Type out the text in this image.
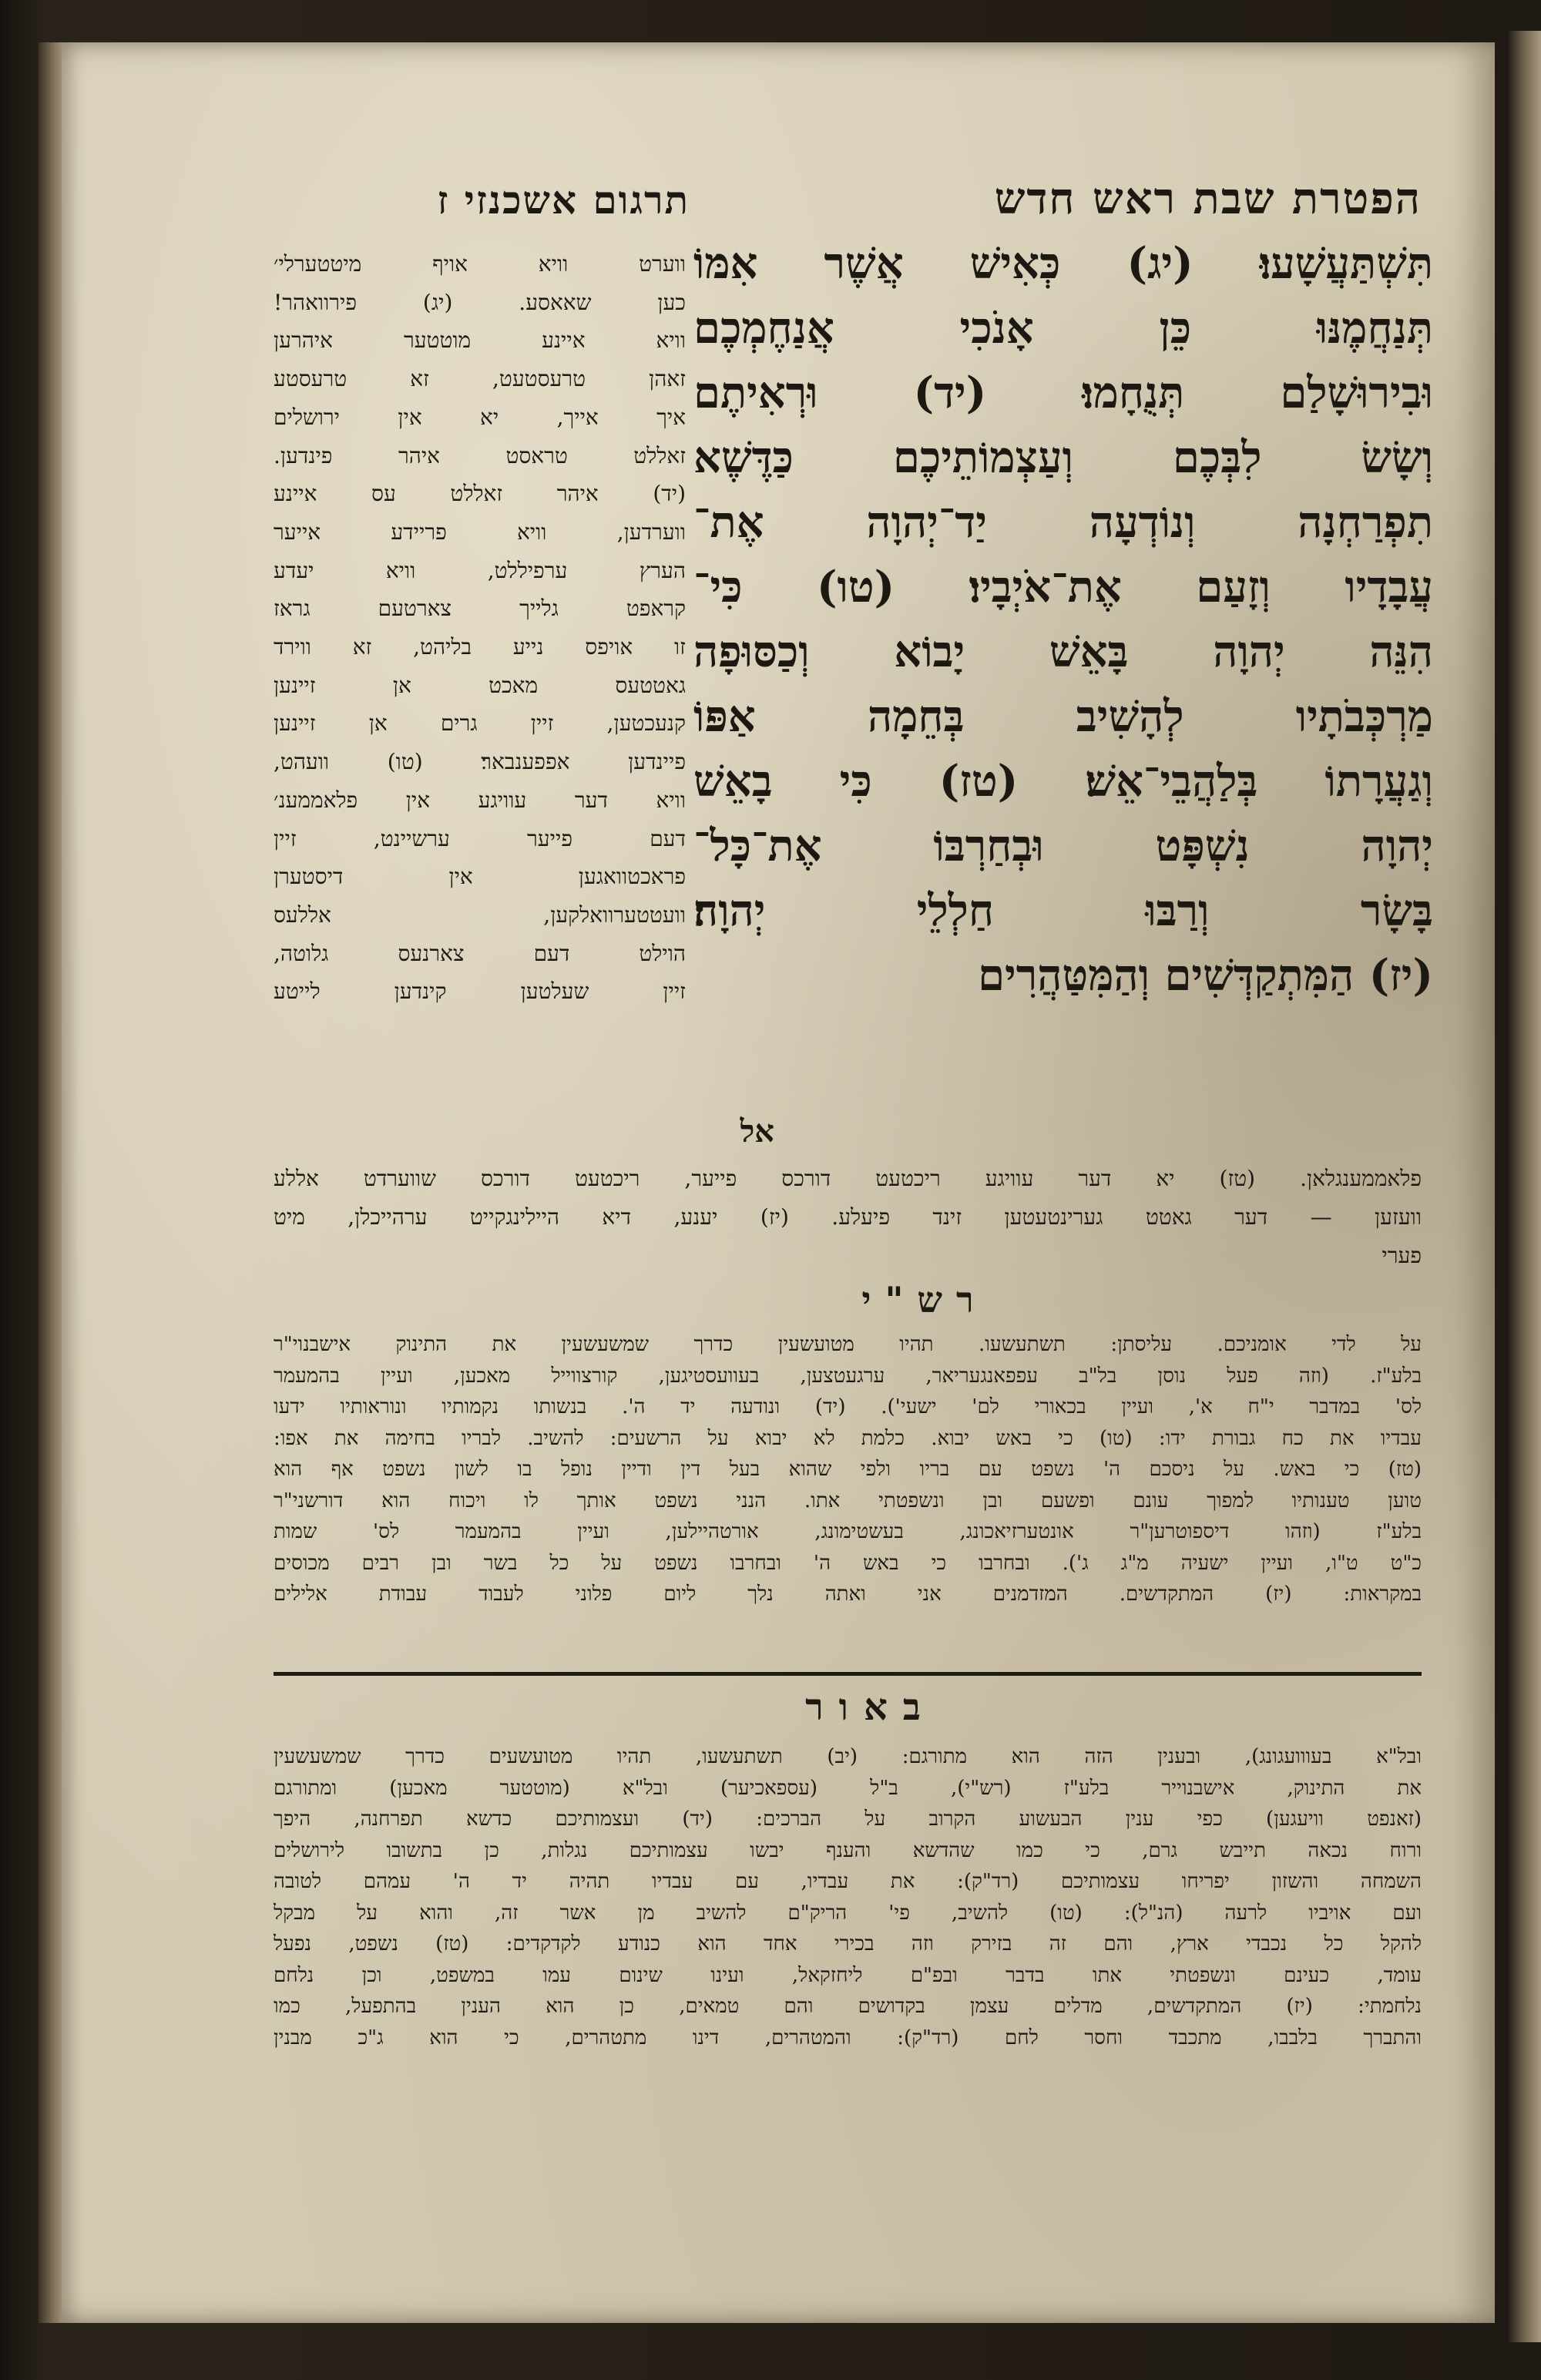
הפטרת שבת ראש חדש
תרגום אשכנזי ז
תִּשְׁתַּעֲשָׁעוּ׃ (יג) כְּאִישׁ אֲשֶׁר אִמּוֹ
תְּנַחֲמֶנּוּ כֵּן אָנֹכִי אֲנַחֶמְכֶם
וּבִירוּשָׁלַם תְּנֻחָמוּ׃ (יד) וּרְאִיתֶם
וְשָׂשׂ לִבְּכֶם וְעַצְמוֹתֵיכֶם כַּדֶּשֶׁא
תִפְרַחְנָה וְנוֹדְעָה יַד־יְהוָה אֶת־
עֲבָדָיו וְזָעַם אֶת־אֹיְבָיו׃ (טו) כִּי־
הִנֵּה יְהוָה בָּאֵשׁ יָבוֹא וְכַסּוּפָה
מַרְכְּבֹתָיו לְהָשִׁיב בְּחֵמָה אַפּוֹ
וְגַעֲרָתוֹ בְּלַהֲבֵי־אֵשׁ׃ (טז) כִּי בָאֵשׁ
יְהוָה נִשְׁפָּט וּבְחַרְבּוֹ אֶת־כָּל־
בָּשָׂר וְרַבּוּ חַלְלֵי יְהוָה׃
(יז) הַמִּתְקַדְּשִׁים וְהַמִּטַּהֲרִים
אל
ווערט וויא אויף מיטטערלי׳
כען שאאסע. (יג) פירוואהר!
וויא איינע מוטטער איהרען
זאהן טרעסטעט, זא טרעסטע
איך אייך, יא אין ירושלים
זאללט טראסט איהר פינדען.
(יד) איהר זאללט עס איינע
ווערדען, וויא פריידע אייער
הערץ ערפיללט, וויא יעדע
קראפט גלייך צארטעם גראז
זו אויפס נייע בליהט, זא ווירד
גאטטעס מאכט אן זיינען
קנעכטען, זיין גרים אן זיינען
פיינדען אפפענבאר׃ (טו) וועהט,
וויא דער עוויגע אין פלאממענ׳
דעם פייער ערשיינט, זיין
פראכטוואגען אין דיסטערן
וועטטערוואלקען, אללעס
הוילט דעם צארנעס גלוטה,
זיין שעלטען קינדען לייטע
פלאממענגלאן. (טז) יא דער עוויגע ריכטעט דורכס פייער, ריכטעט דורכס שווערדט אללע
וועזען — דער גאטט גערינטעטען זינד פיעלע. (יז) יענע, דיא היילינגקייט ערהייכלן, מיט
פערי
רש"י
על לדי אומניכם. עליסתן: תשתעשעו. תהיו מטועשעין כדרך שמשעשעין את התינוק אישבנוי"ר
בלע"ז. (וזה פעל נוסן בל"ב עפפאנגעריאר, ערגעטצען, בעוועסטיגען, קורצווייל מאכען, ועיין בהמעמר
לס' במדבר י"ח א', ועיין בכאורי לם' ישעי'). (יד) ונודעה יד ה'. בנשותו נקמותיו ונוראותיו ידעו
עבדיו את כח גבורת ידו: (טו) כי באש יבוא. כלמת לא יבוא על הרשעים: להשיב. לבריו בחימה את אפו:
(טז) כי באש. על ניסכם ה' נשפט עם בריו ולפי שהוא בעל דין ודיין נופל בו לשון נשפט אף הוא
טוען טענותיו למפוך עונם ופשעם ובן ונשפטתי אתו. הנני נשפט אותך לו ויכוח הוא דורשני"ר
בלע"ז (וזהו דיספוטרען"ר אונטערזיאכונג, בעשטימונג, אורטהיילען, ועיין בהמעמר לס' שמות
כ"ט ט"ו, ועיין ישעיה מ"ג ג'). ובחרבו כי באש ה' ובחרבו נשפט על כל בשר ובן רבים מכוסים
במקראות: (יז) המתקדשים. המזדמנים אני ואתה נלך ליום פלוני לעבוד עבודת אלילים
באור
ובל"א בעווועגונג), ובענין הזה הוא מתורגם: (יב) תשתעשעו, תהיו מטועשעים כדרך שמשעשעין
את התינוק, אישבנוייר בלע"ז (רש"י), ב"ל (עספאכיער) ובל"א (מוטטער מאכען) ומתורגם
(זאנפט וויעגען) כפי ענין הבעשוע הקרוב על הברכים: (יד) ועצמותיכם כדשא תפרחנה, היפך
ורוח נכאה תייבש גרם, כי כמו שהדשא והענף יבשו עצמותיכם נגלות, כן בתשובו לירושלים
השמחה והשזון יפריחו עצמותיכם (רד"ק): את עבדיו, עם עבדיו תהיה יד ה' עמהם לטובה
ועם אויביו לרעה (הנ"ל): (טו) להשיב, פי' הריק"ם להשיב מן אשר זה, והוא על מבקל
להקל כל נכבדי ארץ, והם זה בזירק וזה בכירי אחד הוא כנודע לקדקדים: (טז) נשפט, נפעל
עומד, כעינם ונשפטתי אתו בדבר ובפ"ם ליחזקאל, ועינו שינום עמו במשפט, וכן נלחם
נלחמתי: (יז) המתקדשים, מדלים עצמן בקדושים והם טמאים, כן הוא הענין בהתפעל, כמו
והתברך בלבבו, מתכבד וחסר לחם (רד"ק): והמטהרים, דינו מתטהרים, כי הוא ג"כ מבנין
